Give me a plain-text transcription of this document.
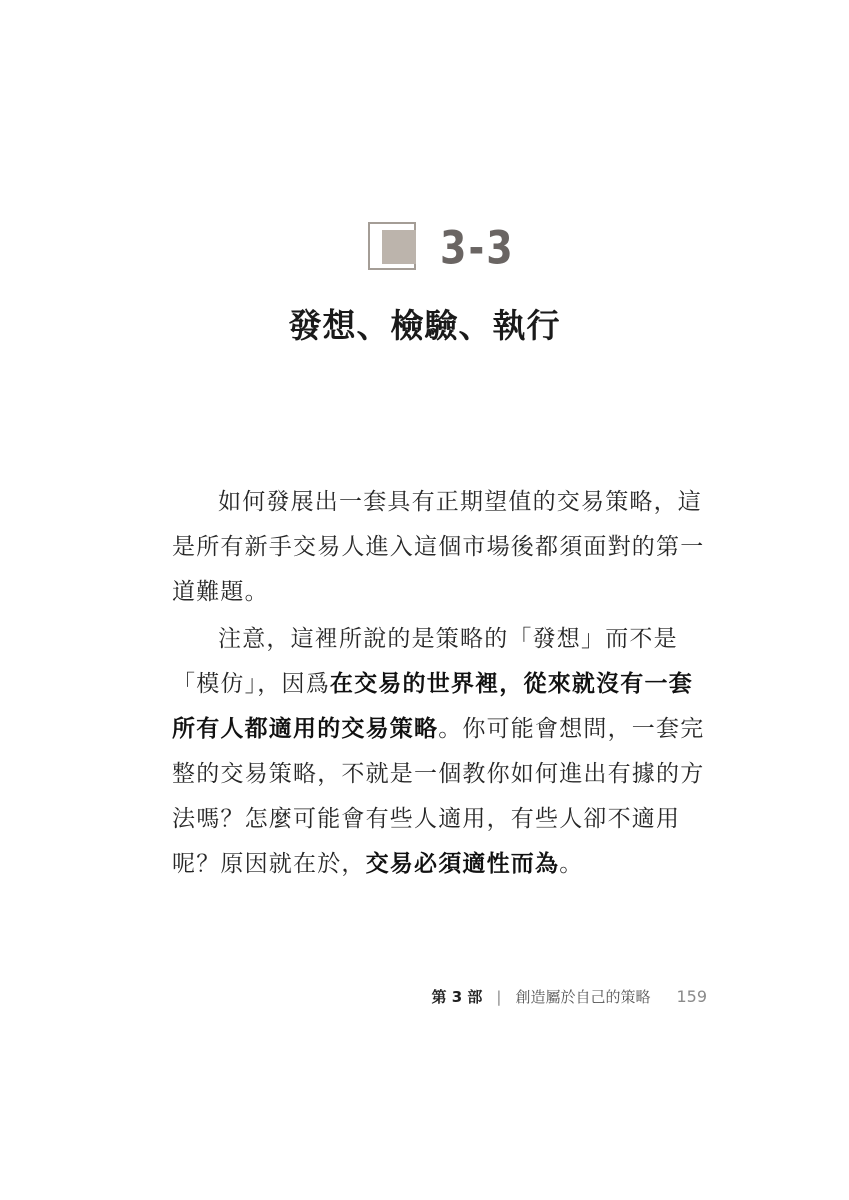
3-3
發想、檢驗、執行

如何發展出一套具有正期望值的交易策略，這是所有新手交易人進入這個市場後都須面對的第一道難題。

注意，這裡所說的是策略的「發想」而不是「模仿」，因爲在交易的世界裡，從來就沒有一套所有人都適用的交易策略。你可能會想問，一套完整的交易策略，不就是一個教你如何進出有據的方法嗎？怎麼可能會有些人適用，有些人卻不適用呢？原因就在於，交易必須適性而為。

第 3 部 | 創造屬於自己的策略 159
